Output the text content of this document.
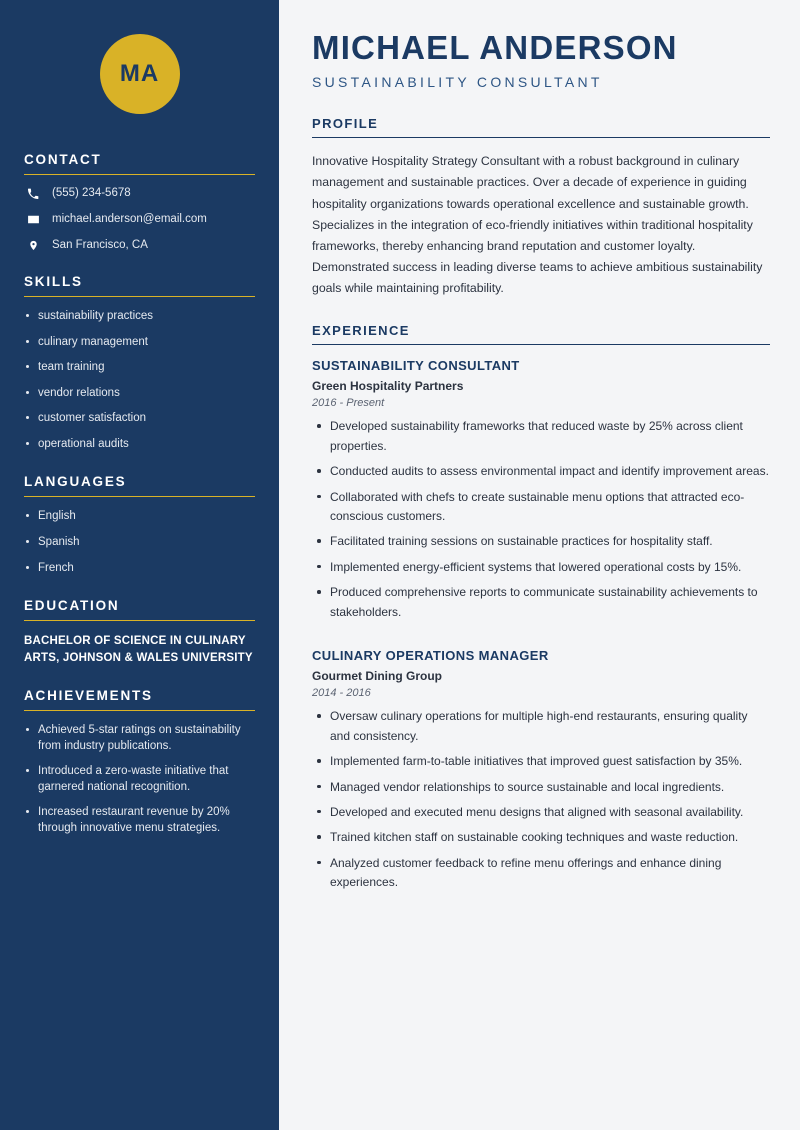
MA
CONTACT
(555) 234-5678
michael.anderson@email.com
San Francisco, CA
SKILLS
sustainability practices
culinary management
team training
vendor relations
customer satisfaction
operational audits
LANGUAGES
English
Spanish
French
EDUCATION
BACHELOR OF SCIENCE IN CULINARY ARTS, JOHNSON & WALES UNIVERSITY
ACHIEVEMENTS
Achieved 5-star ratings on sustainability from industry publications.
Introduced a zero-waste initiative that garnered national recognition.
Increased restaurant revenue by 20% through innovative menu strategies.
MICHAEL ANDERSON
SUSTAINABILITY CONSULTANT
PROFILE

Innovative Hospitality Strategy Consultant with a robust background in culinary management and sustainable practices. Over a decade of experience in guiding hospitality organizations towards operational excellence and sustainable growth. Specializes in the integration of eco-friendly initiatives within traditional hospitality frameworks, thereby enhancing brand reputation and customer loyalty. Demonstrated success in leading diverse teams to achieve ambitious sustainability goals while maintaining profitability.

EXPERIENCE
SUSTAINABILITY CONSULTANT
Green Hospitality Partners
2016 - Present
Developed sustainability frameworks that reduced waste by 25% across client properties.
Conducted audits to assess environmental impact and identify improvement areas.
Collaborated with chefs to create sustainable menu options that attracted eco-conscious customers.
Facilitated training sessions on sustainable practices for hospitality staff.
Implemented energy-efficient systems that lowered operational costs by 15%.
Produced comprehensive reports to communicate sustainability achievements to stakeholders.
CULINARY OPERATIONS MANAGER
Gourmet Dining Group
2014 - 2016
Oversaw culinary operations for multiple high-end restaurants, ensuring quality and consistency.
Implemented farm-to-table initiatives that improved guest satisfaction by 35%.
Managed vendor relationships to source sustainable and local ingredients.
Developed and executed menu designs that aligned with seasonal availability.
Trained kitchen staff on sustainable cooking techniques and waste reduction.
Analyzed customer feedback to refine menu offerings and enhance dining experiences.
